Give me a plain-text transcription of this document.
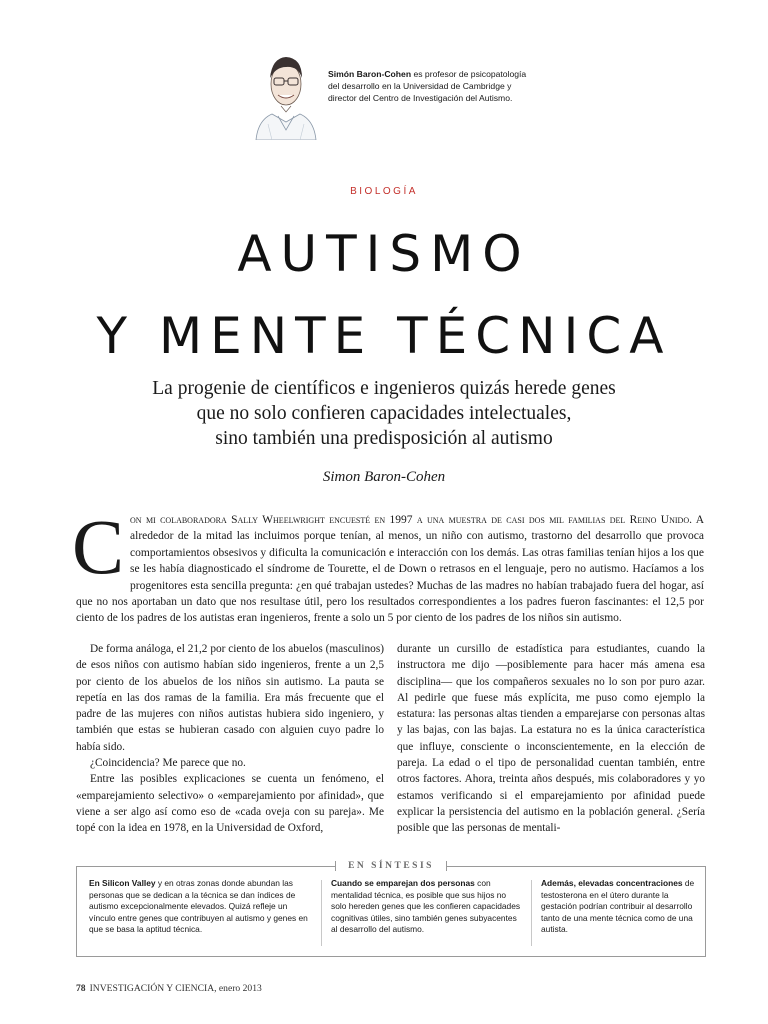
Simón Baron-Cohen es profesor de psicopatología del desarrollo en la Universidad de Cambridge y director del Centro de Investigación del Autismo.
BIOLOGÍA
AUTISMO
Y MENTE TÉCNICA
La progenie de científicos e ingenieros quizás herede genes
que no solo confieren capacidades intelectuales,
sino también una predisposición al autismo
Simon Baron-Cohen

Con mi colaboradora Sally Wheelwright encuesté en 1997 a una muestra de casi dos mil familias del Reino Unido. A alrededor de la mitad las incluimos porque tenían, al menos, un niño con autismo, trastorno del desarrollo que provoca comportamientos obsesivos y dificulta la comunicación e interacción con los demás. Las otras familias tenían hijos a los que se les había diagnosticado el síndrome de Tourette, el de Down o retrasos en el lenguaje, pero no autismo. Hacíamos a los progenitores esta sencilla pregunta: ¿en qué trabajan ustedes? Muchas de las madres no habían trabajado fuera del hogar, así que no nos aportaban un dato que nos resultase útil, pero los resultados correspondientes a los padres fueron fascinantes: el 12,5 por ciento de los padres de los autistas eran ingenieros, frente a solo un 5 por ciento de los padres de los niños sin autismo.

De forma análoga, el 21,2 por ciento de los abuelos (masculinos) de esos niños con autismo habían sido ingenieros, frente a un 2,5 por ciento de los abuelos de los niños sin autismo. La pauta se repetía en las dos ramas de la familia. Era más frecuente que el padre de las mujeres con niños autistas hubiera sido ingeniero, y también que estas se hubieran casado con alguien cuyo padre lo había sido.

¿Coincidencia? Me parece que no.

Entre las posibles explicaciones se cuenta un fenómeno, el «emparejamiento selectivo» o «emparejamiento por afinidad», que viene a ser algo así como eso de «cada oveja con su pareja». Me topé con la idea en 1978, en la Universidad de Oxford,

durante un cursillo de estadística para estudiantes, cuando la instructora me dijo —posiblemente para hacer más amena esa disciplina— que los compañeros sexuales no lo son por puro azar. Al pedirle que fuese más explícita, me puso como ejemplo la estatura: las personas altas tienden a emparejarse con personas altas y las bajas, con las bajas. La estatura no es la única característica que influye, consciente o inconscientemente, en la elección de pareja. La edad o el tipo de personalidad cuentan también, entre otros factores. Ahora, treinta años después, mis colaboradores y yo estamos verificando si el emparejamiento por afinidad puede explicar la persistencia del autismo en la población general. ¿Sería posible que las personas de mentali-

EN SÍNTESIS
En Silicon Valley y en otras zonas donde abundan las personas que se dedican a la técnica se dan índices de autismo excepcionalmente elevados. Quizá refleje un vínculo entre genes que contribuyen al autismo y genes en que se basa la aptitud técnica.
Cuando se emparejan dos personas con mentalidad técnica, es posible que sus hijos no solo hereden genes que les confieren capacidades cognitivas útiles, sino también genes subyacentes al desarrollo del autismo.
Además, elevadas concentraciones de testosterona en el útero durante la gestación podrían contribuir al desarrollo tanto de una mente técnica como de una autista.
78 INVESTIGACIÓN Y CIENCIA, enero 2013
